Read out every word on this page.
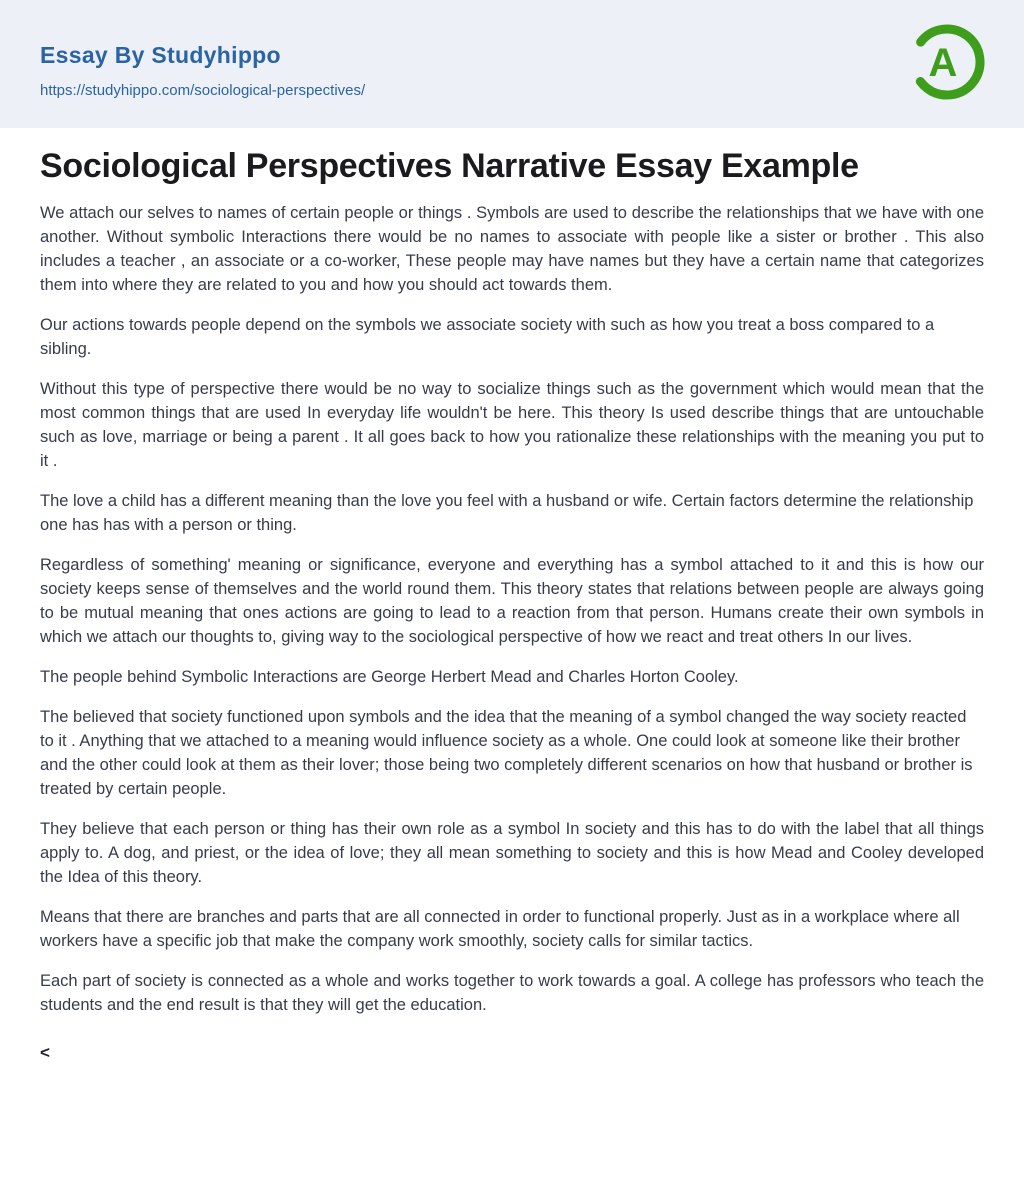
Essay By Studyhippo
https://studyhippo.com/sociological-perspectives/
A
Sociological Perspectives Narrative Essay Example

We attach our selves to names of certain people or things . Symbols are used to describe the relationships that we have with one another. Without symbolic Interactions there would be no names to associate with people like a sister or brother . This also includes a teacher , an associate or a co-worker, These people may have names but they have a certain name that categorizes them into where they are related to you and how you should act towards them.

Our actions towards people depend on the symbols we associate society with such as how you treat a boss compared to a sibling.

Without this type of perspective there would be no way to socialize things such as the government which would mean that the most common things that are used In everyday life wouldn't be here. This theory Is used describe things that are untouchable such as love, marriage or being a parent . It all goes back to how you rationalize these relationships with the meaning you put to it .

The love a child has a different meaning than the love you feel with a husband or wife. Certain factors determine the relationship one has has with a person or thing.

Regardless of something' meaning or significance, everyone and everything has a symbol attached to it and this is how our society keeps sense of themselves and the world round them. This theory states that relations between people are always going to be mutual meaning that ones actions are going to lead to a reaction from that person. Humans create their own symbols in which we attach our thoughts to, giving way to the sociological perspective of how we react and treat others In our lives.

The people behind Symbolic Interactions are George Herbert Mead and Charles Horton Cooley.

The believed that society functioned upon symbols and the idea that the meaning of a symbol changed the way society reacted to it . Anything that we attached to a meaning would influence society as a whole. One could look at someone like their brother and the other could look at them as their lover; those being two completely different scenarios on how that husband or brother is treated by certain people.

They believe that each person or thing has their own role as a symbol In society and this has to do with the label that all things apply to. A dog, and priest, or the idea of love; they all mean something to society and this is how Mead and Cooley developed the Idea of this theory.

Means that there are branches and parts that are all connected in order to functional properly. Just as in a workplace where all workers have a specific job that make the company work smoothly, society calls for similar tactics.

Each part of society is connected as a whole and works together to work towards a goal. A college has professors who teach the students and the end result is that they will get the education.

<
